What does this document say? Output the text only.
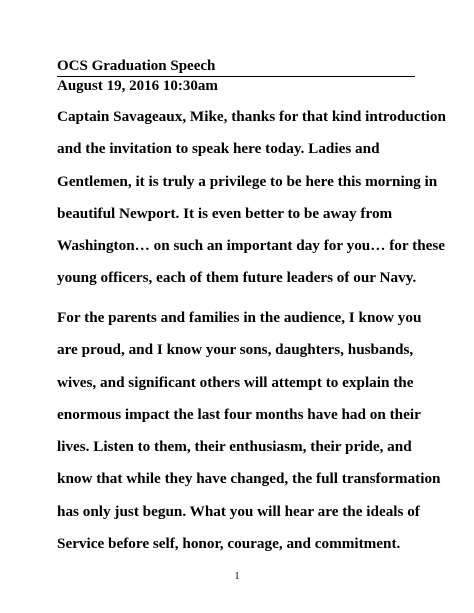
OCS Graduation Speech
August 19, 2016 10:30am

Captain Savageaux, Mike, thanks for that kind introduction
and the invitation to speak here today. Ladies and
Gentlemen, it is truly a privilege to be here this morning in
beautiful Newport. It is even better to be away from
Washington… on such an important day for you… for these
young officers, each of them future leaders of our Navy.

For the parents and families in the audience, I know you
are proud, and I know your sons, daughters, husbands,
wives, and significant others will attempt to explain the
enormous impact the last four months have had on their
lives. Listen to them, their enthusiasm, their pride, and
know that while they have changed, the full transformation
has only just begun. What you will hear are the ideals of
Service before self, honor, courage, and commitment.

1
